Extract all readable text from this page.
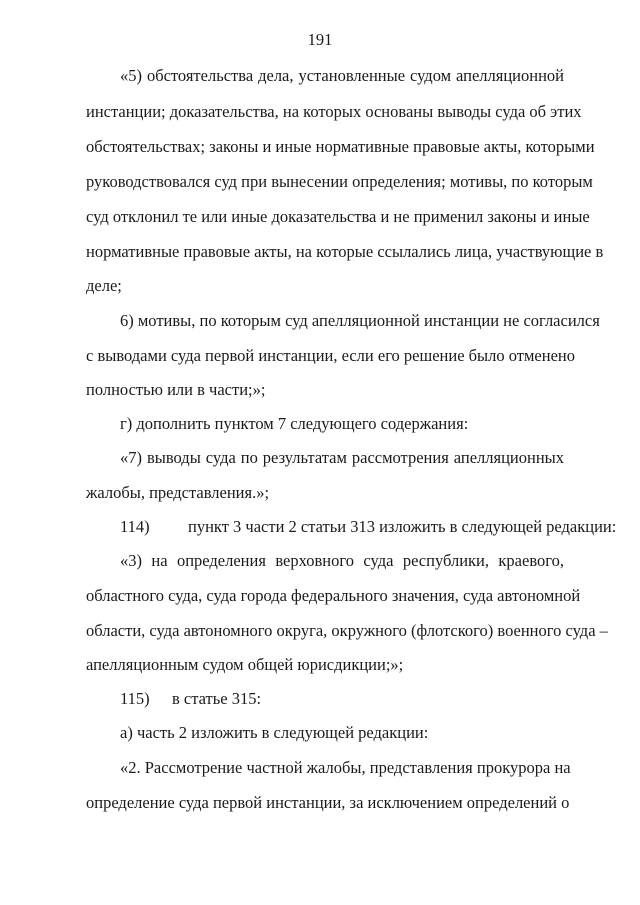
191
«5) обстоятельства дела, установленные судом апелляционной
инстанции; доказательства, на которых основаны выводы суда об этих
обстоятельствах; законы и иные нормативные правовые акты, которыми
руководствовался суд при вынесении определения; мотивы, по которым
суд отклонил те или иные доказательства и не применил законы и иные
нормативные правовые акты, на которые ссылались лица, участвующие в
деле;
6) мотивы, по которым суд апелляционной инстанции не согласился
с выводами суда первой инстанции, если его решение было отменено
полностью или в части;»;
г) дополнить пунктом 7 следующего содержания:
«7) выводы суда по результатам рассмотрения апелляционных
жалобы, представления.»;
114) пункт 3 части 2 статьи 313 изложить в следующей редакции:
«3) на определения верховного суда республики, краевого,
областного суда, суда города федерального значения, суда автономной
области, суда автономного округа, окружного (флотского) военного суда –
апелляционным судом общей юрисдикции;»;
115) в статье 315:
а) часть 2 изложить в следующей редакции:
«2. Рассмотрение частной жалобы, представления прокурора на
определение суда первой инстанции, за исключением определений о
